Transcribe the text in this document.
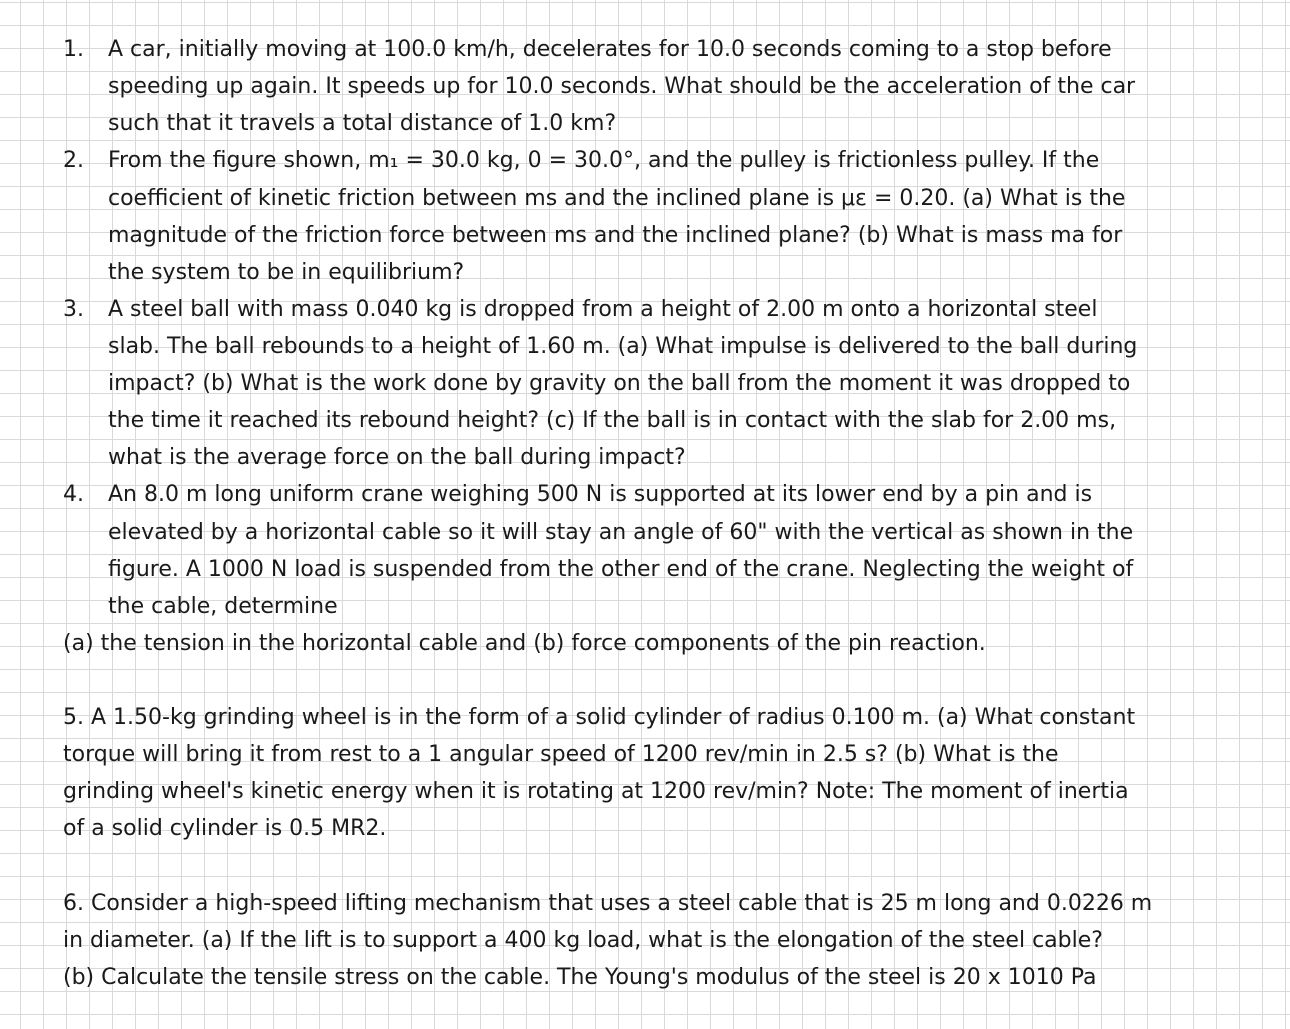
1. A car, initially moving at 100.0 km/h, decelerates for 10.0 seconds coming to a stop before
speeding up again. It speeds up for 10.0 seconds. What should be the acceleration of the car
such that it travels a total distance of 1.0 km?
2. From the figure shown, m₁ = 30.0 kg, 0 = 30.0°, and the pulley is frictionless pulley. If the
coefficient of kinetic friction between ms and the inclined plane is με = 0.20. (a) What is the
magnitude of the friction force between ms and the inclined plane? (b) What is mass ma for
the system to be in equilibrium?
3. A steel ball with mass 0.040 kg is dropped from a height of 2.00 m onto a horizontal steel
slab. The ball rebounds to a height of 1.60 m. (a) What impulse is delivered to the ball during
impact? (b) What is the work done by gravity on the ball from the moment it was dropped to
the time it reached its rebound height? (c) If the ball is in contact with the slab for 2.00 ms,
what is the average force on the ball during impact?
4. An 8.0 m long uniform crane weighing 500 N is supported at its lower end by a pin and is
elevated by a horizontal cable so it will stay an angle of 60" with the vertical as shown in the
figure. A 1000 N load is suspended from the other end of the crane. Neglecting the weight of
the cable, determine
(a) the tension in the horizontal cable and (b) force components of the pin reaction.
5. A 1.50-kg grinding wheel is in the form of a solid cylinder of radius 0.100 m. (a) What constant
torque will bring it from rest to a 1 angular speed of 1200 rev/min in 2.5 s? (b) What is the
grinding wheel's kinetic energy when it is rotating at 1200 rev/min? Note: The moment of inertia
of a solid cylinder is 0.5 MR2.
6. Consider a high-speed lifting mechanism that uses a steel cable that is 25 m long and 0.0226 m
in diameter. (a) If the lift is to support a 400 kg load, what is the elongation of the steel cable?
(b) Calculate the tensile stress on the cable. The Young's modulus of the steel is 20 x 1010 Pa
